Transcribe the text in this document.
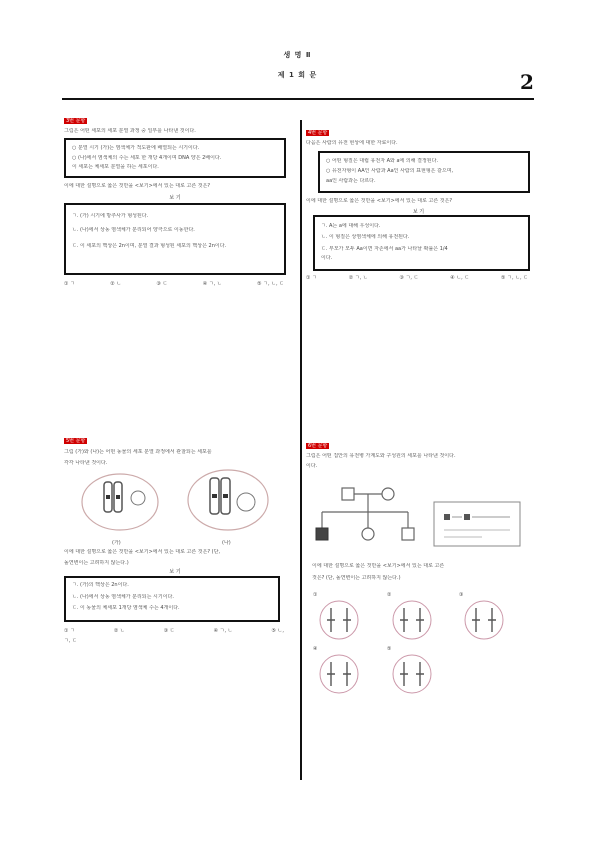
생 명 Ⅱ
제 1 회 문	2
3번 문항
그림은 어떤 세포의 세포 분열 과정 중 일부를 나타낸 것이다.
○ 분열 시기 (가)는 염색체가 적도판에 배열되는 시기이다.
○ (나)에서 염색체의 수는 세포 한 개당 4개이며 DNA 양은 2배이다.
이 세포는 체세포 분열을 하는 세포이다.
이에 대한 설명으로 옳은 것만을 <보기>에서 있는 대로 고른 것은?
보 기
ㄱ. (가) 시기에 방추사가 형성된다.
ㄴ. (나)에서 상동 염색체가 분리되어 양극으로 이동한다.
ㄷ. 이 세포의 핵상은 2n이며, 분열 결과 형성된 세포의 핵상은 2n이다.
① ㄱ	② ㄴ	③ ㄷ	④ ㄱ, ㄴ	⑤ ㄱ, ㄴ, ㄷ
4번 문항
다음은 사람의 유전 현상에 대한 자료이다.
○ 어떤 형질은 대립 유전자 A와 a에 의해 결정된다.
○ 유전자형이 AA인 사람과 Aa인 사람의 표현형은 같으며,
aa인 사람과는 다르다.
이에 대한 설명으로 옳은 것만을 <보기>에서 있는 대로 고른 것은?
보 기
ㄱ. A는 a에 대해 우성이다.
ㄴ. 이 형질은 상염색체에 의해 유전된다.
ㄷ. 부모가 모두 Aa이면 자손에서 aa가 나타날 확률은 1/4
이다.
① ㄱ	② ㄱ, ㄴ	③ ㄱ, ㄷ	④ ㄴ, ㄷ	⑤ ㄱ, ㄴ, ㄷ
5번 문항
그림 (가)와 (나)는 어떤 동물의 세포 분열 과정에서 관찰되는 세포를
각각 나타낸 것이다.
(가)	(나)
이에 대한 설명으로 옳은 것만을 <보기>에서 있는 대로 고른 것은? (단,
돌연변이는 고려하지 않는다.)
보 기
ㄱ. (가)의 핵상은 2n이다.
ㄴ. (나)에서 상동 염색체가 분리되는 시기이다.
ㄷ. 이 동물의 체세포 1개당 염색체 수는 4개이다.
① ㄱ	② ㄴ	③ ㄷ	④ ㄱ, ㄴ	⑤ ㄴ,
ㄱ, ㄷ
6번 문항
그림은 어떤 집안의 유전병 가계도와 구성원의 세포를 나타낸 것이다.
이다.
이에 대한 설명으로 옳은 것만을 <보기>에서 있는 대로 고른
것은? (단, 돌연변이는 고려하지 않는다.)
①	②	③
④	⑤
